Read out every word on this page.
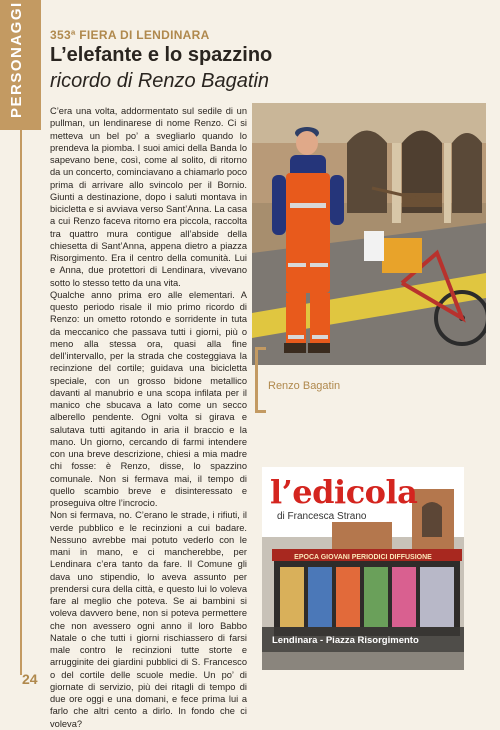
PERSONAGGI 353ª FIERA DI LENDINARA
L’elefante e lo spazzino
ricordo di Renzo Bagatin

C’era una volta, addormentato sul sedile di un pullman, un lendinarese di nome Renzo. Ci si metteva un bel po’ a svegliarlo quando lo prendeva la piomba. I suoi amici della Banda lo sapevano bene, così, come al solito, di ritorno da un concerto, cominciavano a chiamarlo poco prima di arrivare allo svincolo per il Bornio. Giunti a destinazione, dopo i saluti montava in bicicletta e si avviava verso Sant’Anna. La casa a cui Renzo faceva ritorno era piccola, raccolta tra quattro mura contigue all’abside della chiesetta di Sant’Anna, appena dietro a piazza Risorgimento. Era il centro della comunità. Lui e Anna, due protettori di Lendinara, vivevano sotto lo stesso tetto da una vita.

Qualche anno prima ero alle elementari. A questo periodo risale il mio primo ricordo di Renzo: un ometto rotondo e sorridente in tuta da meccanico che passava tutti i giorni, più o meno alla stessa ora, quasi alla fine dell’intervallo, per la strada che costeggiava la recinzione del cortile; guidava una bicicletta speciale, con un grosso bidone metallico davanti al manubrio e una scopa infilata per il manico che sbucava a lato come un secco alberello pendente. Ogni volta si girava e salutava tutti agitando in aria il braccio e la mano. Un giorno, cercando di farmi intendere con una breve descrizione, chiesi a mia madre chi fosse: è Renzo, disse, lo spazzino comunale. Non si fermava mai, il tempo di quello scambio breve e disinteressato e proseguiva oltre l’incrocio.

Non si fermava, no. C’erano le strade, i rifiuti, il verde pubblico e le recinzioni a cui badare. Nessuno avrebbe mai potuto vederlo con le mani in mano, e ci mancherebbe, per Lendinara c’era tanto da fare. Il Comune gli dava uno stipendio, lo aveva assunto per prendersi cura della città, e questo lui lo voleva fare al meglio che poteva. Se ai bambini si voleva davvero bene, non si poteva permettere che non avessero ogni anno il loro Babbo Natale o che tutti i giorni rischiassero di farsi male contro le recinzioni tutte storte e arrugginite dei giardini pubblici di S. Francesco o del cortile delle scuole medie. Un po’ di giornate di servizio, più dei ritagli di tempo di due ore oggi e una domani, e fece prima lui a farlo che altri cento a dirlo. In fondo che ci voleva?

Renzo Bagatin
l’edicola
di Francesca Strano
EPOCA GIOVANI PERIODICI DIFFUSIONE
Lendinara - Piazza Risorgimento
24
